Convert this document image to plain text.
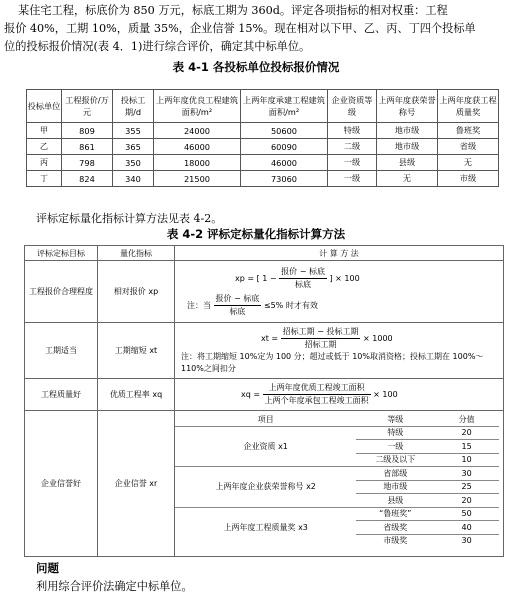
某住宅工程，标底价为 850 万元，标底工期为 360d。评定各项指标的相对权重：工程

报价 40%，工期 10%，质量 35%，企业信誉 15%。现在相对以下甲、乙、丙、丁四个投标单
位的投标报价情况(表 4．1)进行综合评价，确定其中标单位。
表 4-1 各投标单位投标报价情况
投标单位	工程报价/万元	投标工期/d	上两年度优良工程建筑面积/m²	上两年度承建工程建筑面积/m²	企业资质等级	上两年度获荣誉称号	上两年度获工程质量奖
甲	809	355	24000	50600	特级	地市级	鲁班奖
乙	861	365	46000	60090	二级	地市级	省级
丙	798	350	18000	46000	一级	县级	无
丁	824	340	21500	73060	一级	无	市级
评标定标量化指标计算方法见表 4-2。
表 4-2 评标定标量化指标计算方法
评标定标目标	量化指标	计 算 方 法
工程报价合理程度	相对报价 xp	
xp = [ $1 - \frac{\text{报价 − 标底}}{\text{标底}}$ ] × 100
注：当 $\frac{\text{报价 − 标底}}{\text{标底}} \le 5\%$ 时才有效

工期适当	工期缩短 xt	
xt = $\frac{\text{招标工期 − 投标工期}}{\text{招标工期}} \times 1000$
注：将工期缩短 10%定为 100 分；超过或低于 10%取消资格；投标工期在 100%～110%之间扣分

工程质量好	优质工程率 xq	xq = $\frac{\text{上两年度优质工程竣工面积}}{\text{上两个年度承包工程竣工面积}} \times 100$

企业信誉好	企业信誉 xr	
项目	等级	分值
企业资质 x1	特级	20
一级	15
二级及以下	10
上两年度企业获荣誉称号 x2	省部级	30
地市级	25
县级	20
上两年度工程质量奖 x3	“鲁班奖”	50
省级奖	40
市级奖	30
问题
利用综合评价法确定中标单位。
